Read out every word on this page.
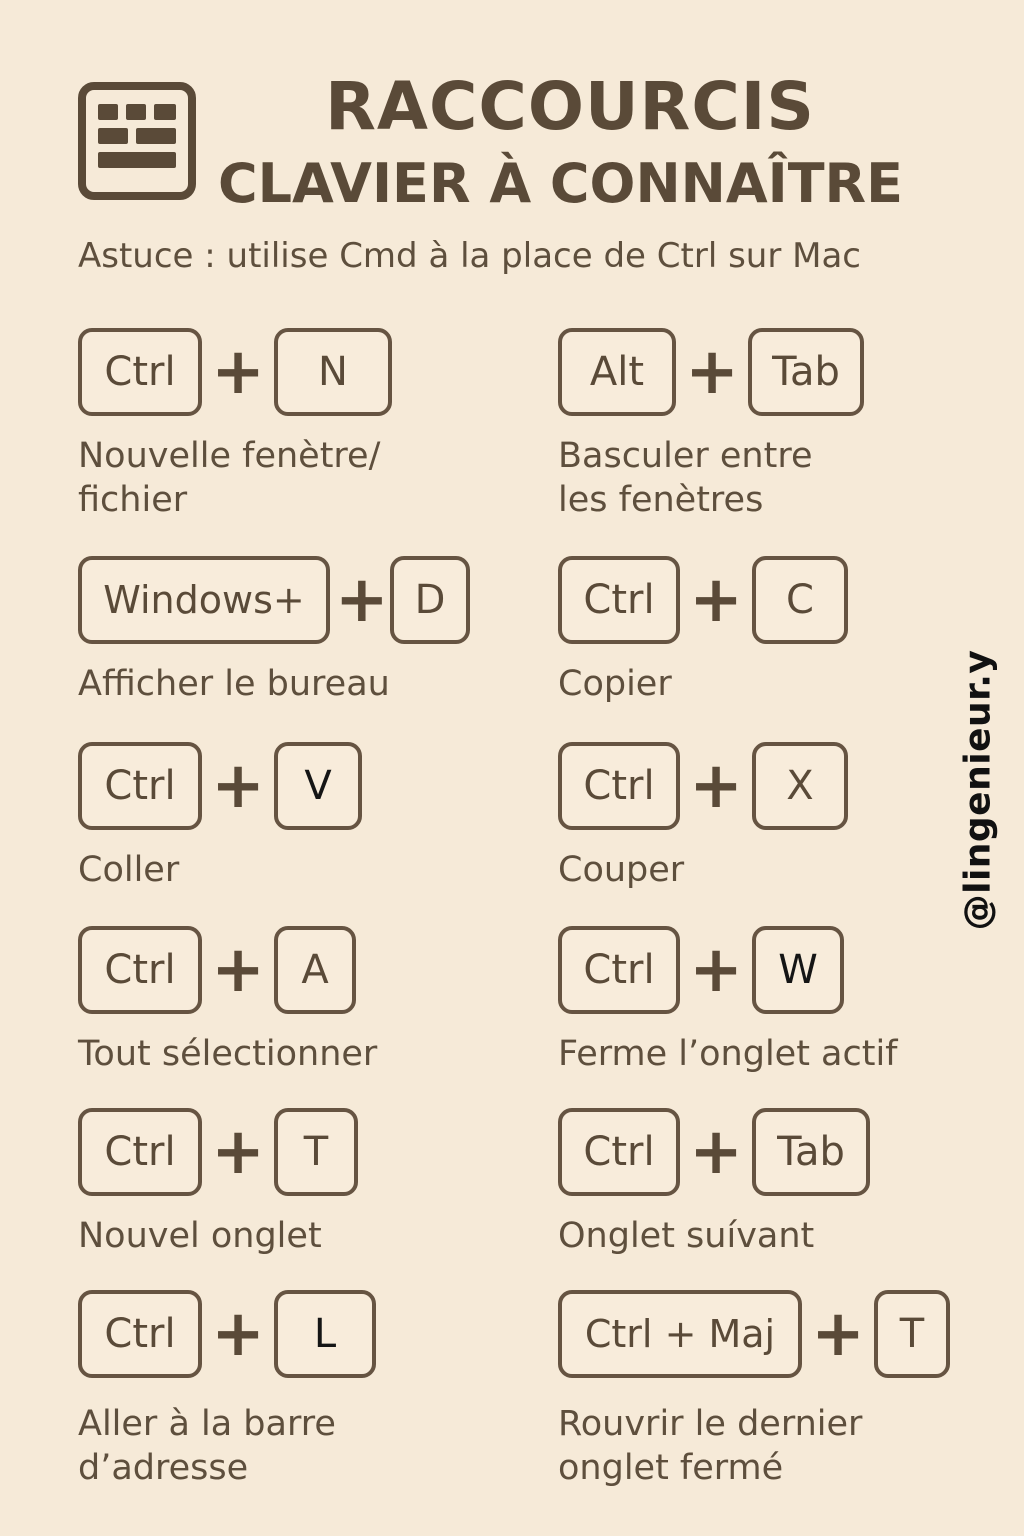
RACCOURCIS
CLAVIER À CONNAÎTRE
Astuce : utilise Cmd à la place de Ctrl sur Mac
Ctrl +	N
Nouvelle fenètre/
fichier
Alt + Tab
Basculer entre
les fenètres
Windows+ + D
Afficher le bureau
Ctrl +	C
Copier
Ctrl + V
Coller
Ctrl +	X
Couper
Ctrl + A
Tout sélectionner
Ctrl + W
Ferme l’onglet actif
Ctrl + T
Nouvel onglet
Ctrl + Tab
Onglet suívant
Ctrl +	L
Aller à la barre
d’adresse
Ctrl + Maj + T
Rouvrir le dernier
onglet fermé
@lingenieur.y
